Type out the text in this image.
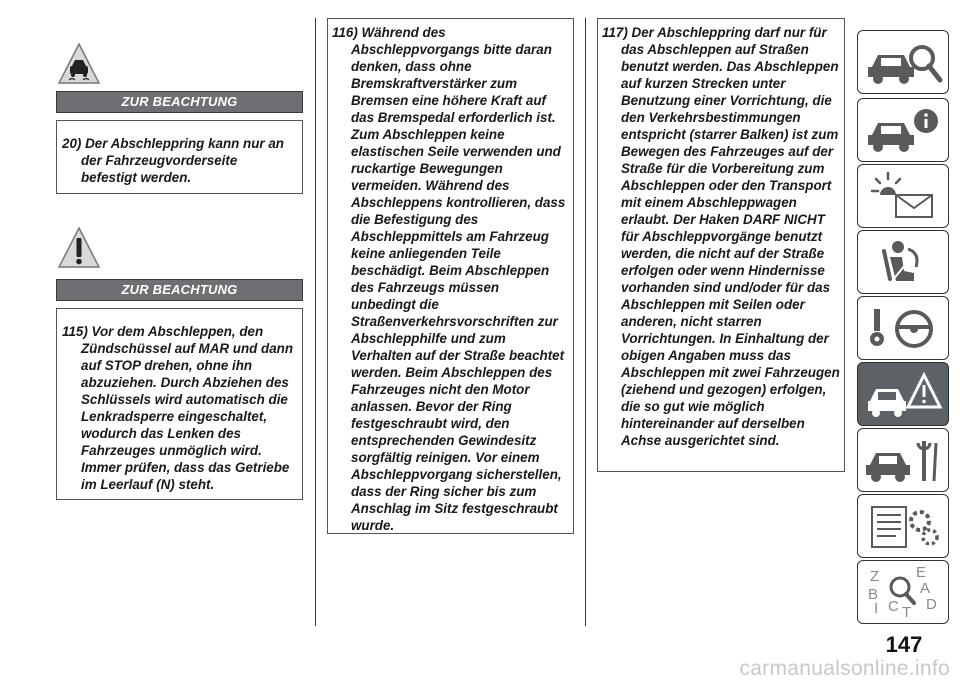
ZUR BEACHTUNG

20) Der Abschleppring kann nur an der Fahrzeugvorderseite befestigt werden.

ZUR BEACHTUNG

115) Vor dem Abschleppen, den Zündschüssel auf MAR und dann auf STOP drehen, ohne ihn abzuziehen. Durch Abziehen des Schlüssels wird automatisch die Lenkradsperre eingeschaltet, wodurch das Lenken des Fahrzeuges unmöglich wird. Immer prüfen, dass das Getriebe im Leerlauf (N) steht.

116) Während des Abschleppvorgangs bitte daran denken, dass ohne Bremskraftverstärker zum Bremsen eine höhere Kraft auf das Bremspedal erforderlich ist. Zum Abschleppen keine elastischen Seile verwenden und ruckartige Bewegungen vermeiden. Während des Abschleppens kontrollieren, dass die Befestigung des Abschleppmittels am Fahrzeug keine anliegenden Teile beschädigt. Beim Abschleppen des Fahrzeugs müssen unbedingt die Straßenverkehrsvorschriften zur Abschlepphilfe und zum Verhalten auf der Straße beachtet werden. Beim Abschleppen des Fahrzeuges nicht den Motor anlassen. Bevor der Ring festgeschraubt wird, den entsprechenden Gewindesitz sorgfältig reinigen. Vor einem Abschleppvorgang sicherstellen, dass der Ring sicher bis zum Anschlag im Sitz festgeschraubt wurde.

117) Der Abschleppring darf nur für das Abschleppen auf Straßen benutzt werden. Das Abschleppen auf kurzen Strecken unter Benutzung einer Vorrichtung, die den Verkehrsbestimmungen entspricht (starrer Balken) ist zum Bewegen des Fahrzeuges auf der Straße für die Vorbereitung zum Abschleppen oder den Transport mit einem Abschleppwagen erlaubt. Der Haken DARF NICHT für Abschleppvorgänge benutzt werden, die nicht auf der Straße erfolgen oder wenn Hindernisse vorhanden sind und/oder für das Abschleppen mit Seilen oder anderen, nicht starren Vorrichtungen. In Einhaltung der obigen Angaben muss das Abschleppen mit zwei Fahrzeugen (ziehend und gezogen) erfolgen, die so gut wie möglich hintereinander auf derselben Achse ausgerichtet sind.

Z E
A
B
D
I C T
147
carmanualsonline.info
